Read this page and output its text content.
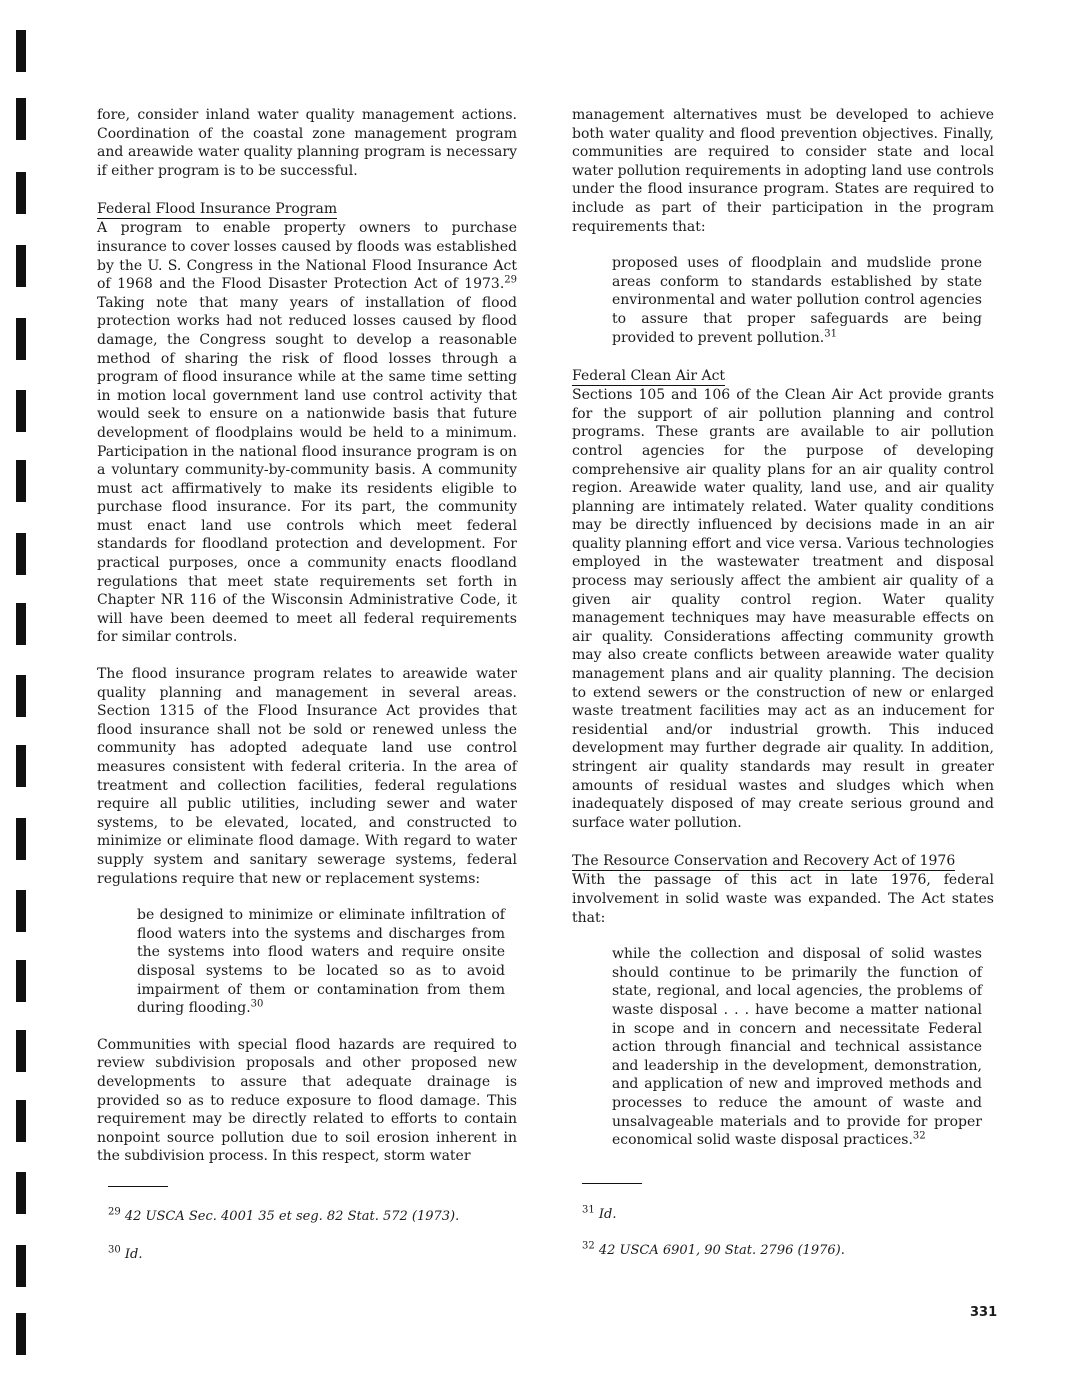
fore, consider inland water quality management actions. Coordination of the coastal zone management program and areawide water quality planning program is necessary if either program is to be successful.

Federal Flood Insurance Program

A program to enable property owners to purchase insurance to cover losses caused by floods was established by the U. S. Congress in the National Flood Insurance Act of 1968 and the Flood Disaster Protection Act of 1973.29 Taking note that many years of installation of flood protection works had not reduced losses caused by flood damage, the Congress sought to develop a reasonable method of sharing the risk of flood losses through a program of flood insurance while at the same time setting in motion local government land use control activity that would seek to ensure on a nationwide basis that future development of floodplains would be held to a minimum. Participation in the national flood insurance program is on a voluntary community-by-community basis. A community must act affirmatively to make its residents eligible to purchase flood insurance. For its part, the community must enact land use controls which meet federal standards for floodland protection and development. For practical purposes, once a community enacts floodland regulations that meet state requirements set forth in Chapter NR 116 of the Wisconsin Administrative Code, it will have been deemed to meet all federal requirements for similar controls.

The flood insurance program relates to areawide water quality planning and management in several areas. Section 1315 of the Flood Insurance Act provides that flood insurance shall not be sold or renewed unless the community has adopted adequate land use control measures consistent with federal criteria. In the area of treatment and collection facilities, federal regulations require all public utilities, including sewer and water systems, to be elevated, located, and constructed to minimize or eliminate flood damage. With regard to water supply system and sanitary sewerage systems, federal regulations require that new or replacement systems:

be designed to minimize or eliminate infiltration of flood waters into the systems and discharges from the systems into flood waters and require onsite disposal systems to be located so as to avoid impairment of them or contamination from them during flooding.$^{30}$

Communities with special flood hazards are required to review subdivision proposals and other proposed new developments to assure that adequate drainage is provided so as to reduce exposure to flood damage. This requirement may be directly related to efforts to contain nonpoint source pollution due to soil erosion inherent in the subdivision process. In this respect, storm water

management alternatives must be developed to achieve both water quality and flood prevention objectives. Finally, communities are required to consider state and local water pollution requirements in adopting land use controls under the flood insurance program. States are required to include as part of their participation in the program requirements that:

proposed uses of floodplain and mudslide prone areas conform to standards established by state environmental and water pollution control agencies to assure that proper safeguards are being provided to prevent pollution.$^{31}$
Federal Clean Air Act

Sections 105 and 106 of the Clean Air Act provide grants for the support of air pollution planning and control programs. These grants are available to air pollution control agencies for the purpose of developing comprehensive air quality plans for an air quality control region. Areawide water quality, land use, and air quality planning are intimately related. Water quality conditions may be directly influenced by decisions made in an air quality planning effort and vice versa. Various technologies employed in the wastewater treatment and disposal process may seriously affect the ambient air quality of a given air quality control region. Water quality management techniques may have measurable effects on air quality. Considerations affecting community growth may also create conflicts between areawide water quality management plans and air quality planning. The decision to extend sewers or the construction of new or enlarged waste treatment facilities may act as an inducement for residential and/or industrial growth. This induced development may further degrade air quality. In addition, stringent air quality standards may result in greater amounts of residual wastes and sludges which when inadequately disposed of may create serious ground and surface water pollution.

The Resource Conservation and Recovery Act of 1976

With the passage of this act in late 1976, federal involvement in solid waste was expanded. The Act states that:

while the collection and disposal of solid wastes should continue to be primarily the function of state, regional, and local agencies, the problems of waste disposal . . . have become a matter national in scope and in concern and necessitate Federal action through financial and technical assistance and leadership in the development, demonstration, and application of new and improved methods and processes to reduce the amount of waste and unsalvageable materials and to provide for proper economical solid waste disposal practices.$^{32}$
$^{29}$ 42 USCA Sec. 4001 35 et seg. 82 Stat. 572 (1973).
$^{30}$ Id.
$^{31}$ Id.
$^{32}$ 42 USCA 6901, 90 Stat. 2796 (1976).
331
